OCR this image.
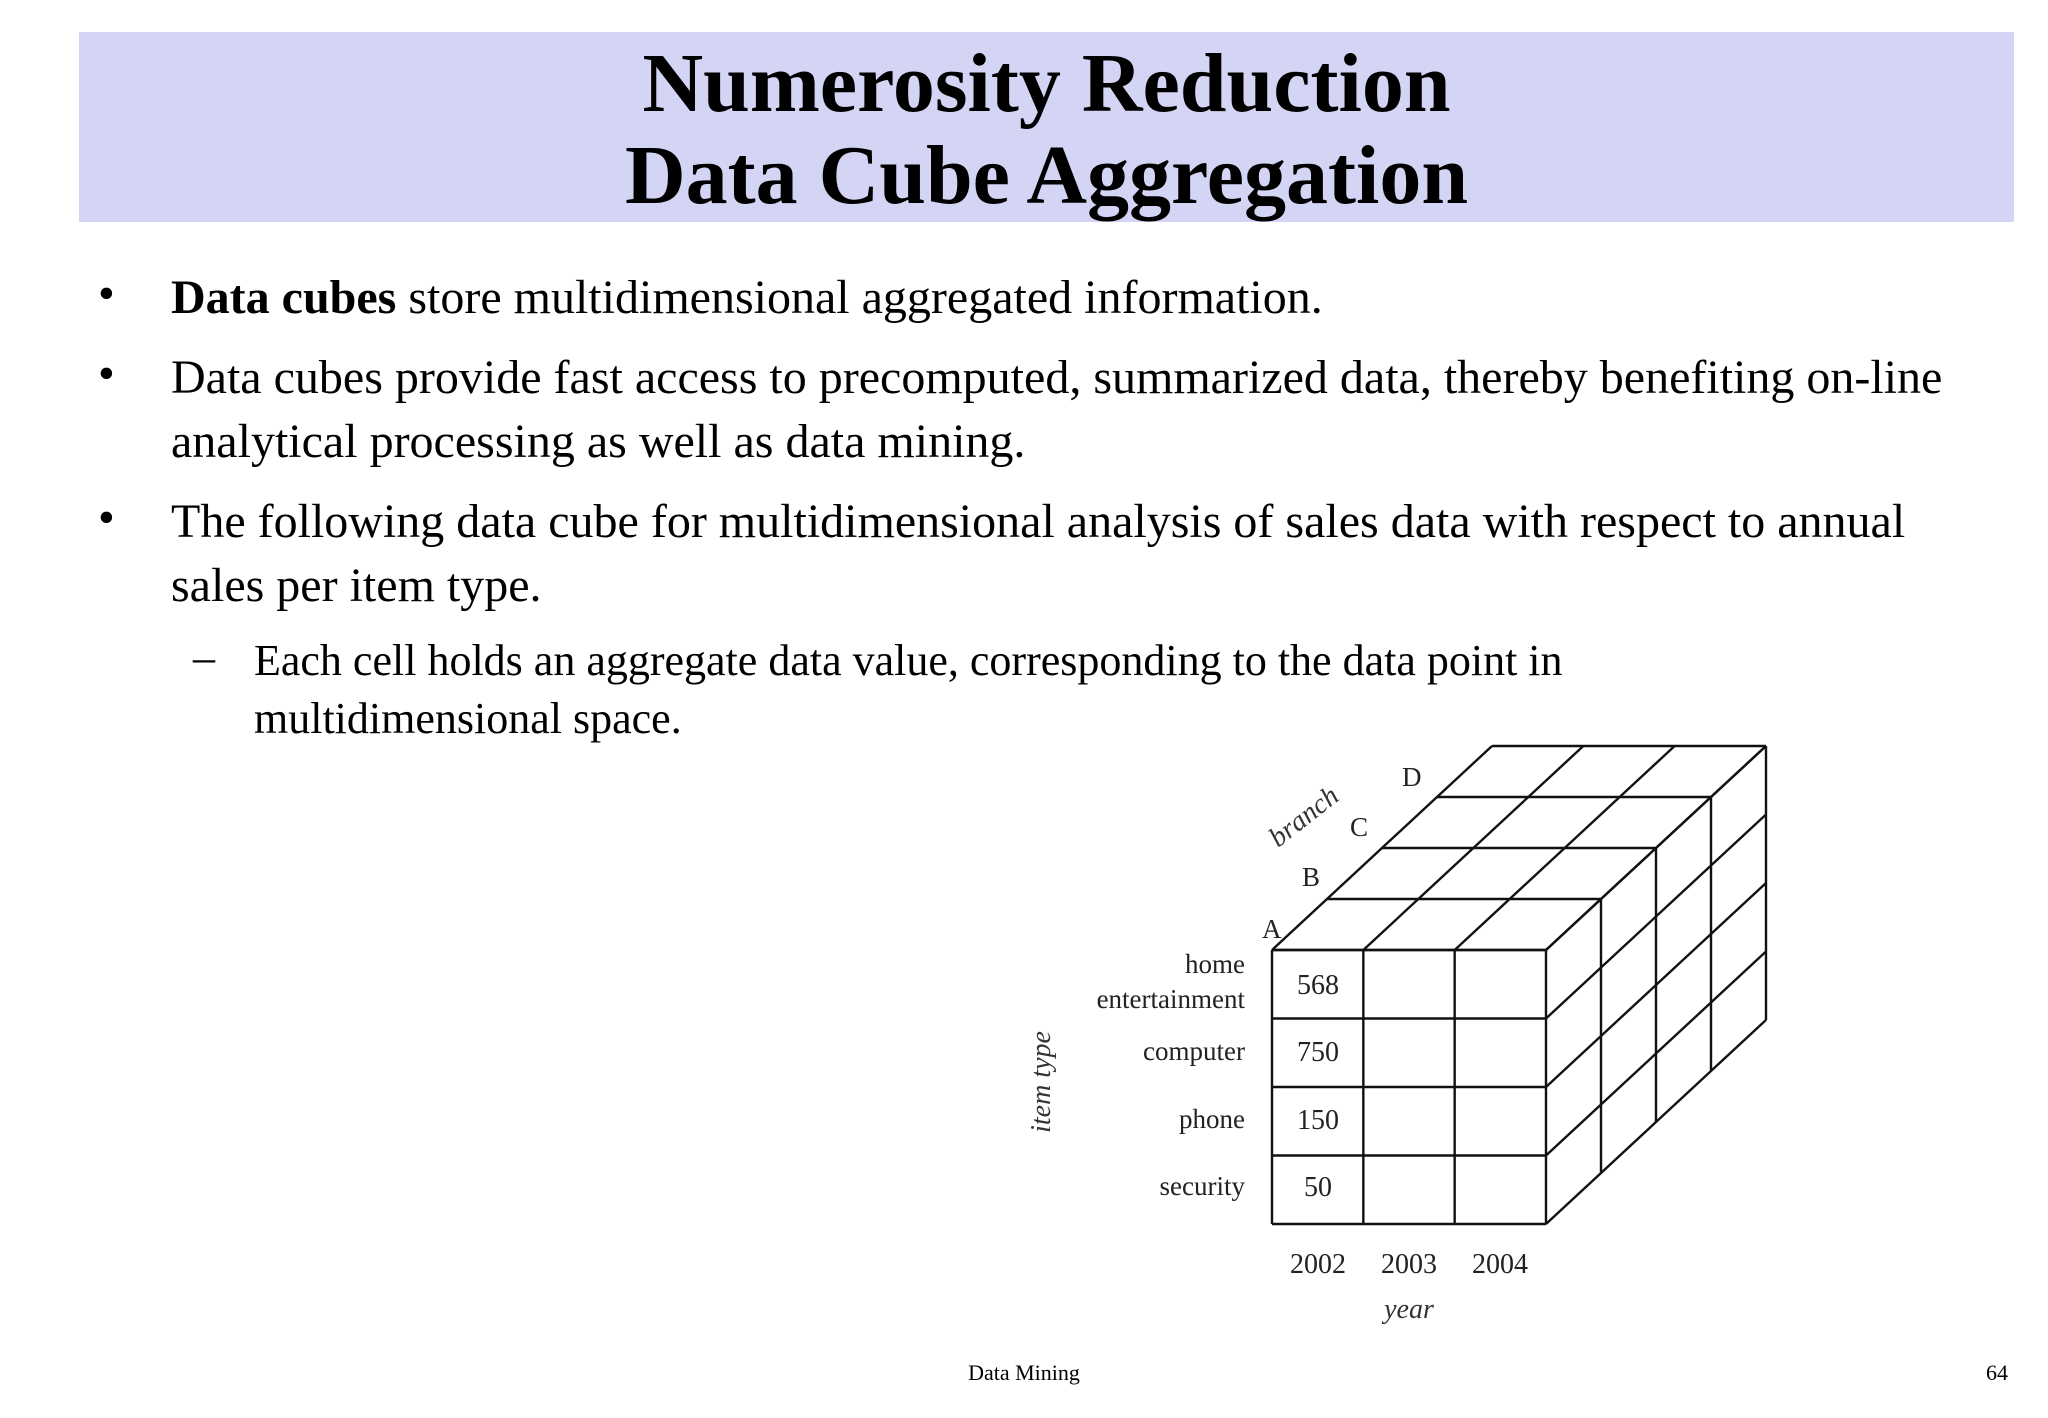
Numerosity Reduction
Data Cube Aggregation
• Data cubes store multidimensional aggregated information.
• Data cubes provide fast access to precomputed, summarized data, thereby benefiting on-line analytical processing as well as data mining.
• The following data cube for multidimensional analysis of sales data with respect to annual sales per item type.
– Each cell holds an aggregate data value, corresponding to the data point in multidimensional space.
branch
A
B
C
D
item type
home
entertainment
computer
phone
security
568
750
150
50
2002 2003 2004
year
Data Mining	64
